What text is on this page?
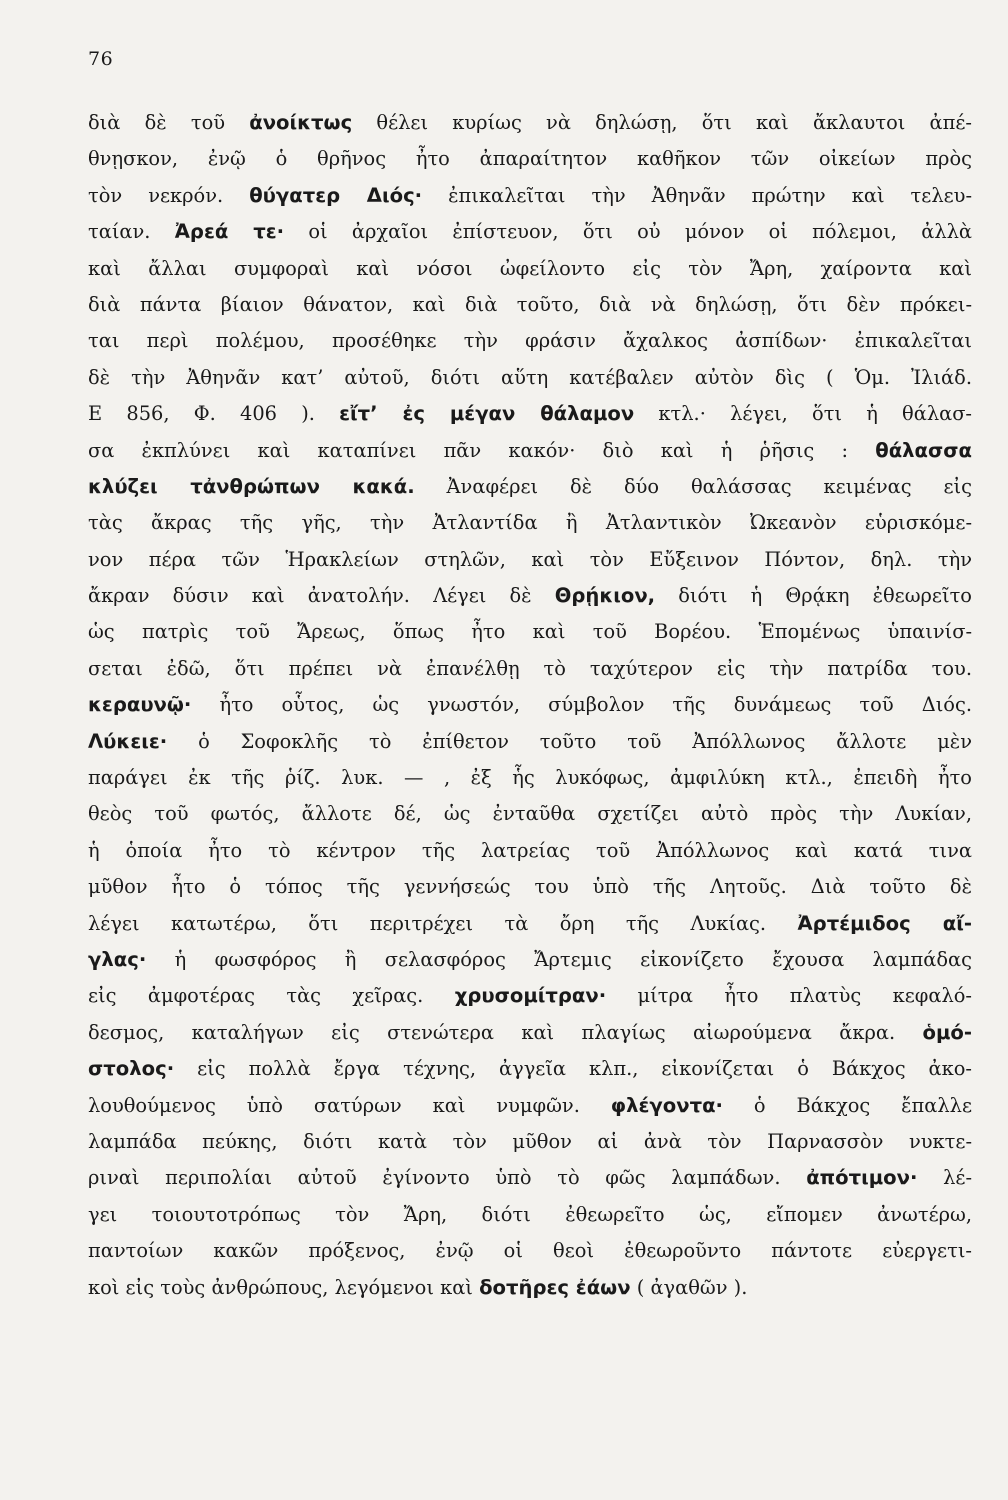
76
διὰ δὲ τοῦ ἀνοίκτως θέλει κυρίως νὰ δηλώσῃ, ὅτι καὶ ἄκλαυτοι ἀπέ-
θνῃσκον, ἐνῷ ὁ θρῆνος ἦτο ἀπαραίτητον καθῆκον τῶν οἰκείων πρὸς
τὸν νεκρόν. θύγατερ Διός· ἐπικαλεῖται τὴν Ἀθηνᾶν πρώτην καὶ τελευ-
ταίαν. Ἀρεά τε· οἱ ἀρχαῖοι ἐπίστευον, ὅτι οὐ μόνον οἱ πόλεμοι, ἀλλὰ
καὶ ἄλλαι συμφοραὶ καὶ νόσοι ὠφείλοντο εἰς τὸν Ἄρη, χαίροντα καὶ
διὰ πάντα βίαιον θάνατον, καὶ διὰ τοῦτο, διὰ νὰ δηλώσῃ, ὅτι δὲν πρόκει-
ται περὶ πολέμου, προσέθηκε τὴν φράσιν ἄχαλκος ἀσπίδων· ἐπικαλεῖται
δὲ τὴν Ἀθηνᾶν κατ’ αὐτοῦ, διότι αὕτη κατέβαλεν αὐτὸν δὶς ( Ὁμ. Ἰλιάδ.
Ε 856, Φ. 406 ). εἴτ’ ἐς μέγαν θάλαμον κτλ.· λέγει, ὅτι ἡ θάλασ-
σα ἐκπλύνει καὶ καταπίνει πᾶν κακόν· διὸ καὶ ἡ ῥῆσις : θάλασσα
κλύζει τἀνθρώπων κακά. Ἀναφέρει δὲ δύο θαλάσσας κειμένας εἰς
τὰς ἄκρας τῆς γῆς, τὴν Ἀτλαντίδα ἢ Ἀτλαντικὸν Ὠκεανὸν εὑρισκόμε-
νον πέρα τῶν Ἡρακλείων στηλῶν, καὶ τὸν Εὔξεινον Πόντον, δηλ. τὴν
ἄκραν δύσιν καὶ ἀνατολήν. Λέγει δὲ Θρῄκιον, διότι ἡ Θρᾴκη ἐθεωρεῖτο
ὡς πατρὶς τοῦ Ἄρεως, ὅπως ἦτο καὶ τοῦ Βορέου. Ἑπομένως ὑπαινίσ-
σεται ἐδῶ, ὅτι πρέπει νὰ ἐπανέλθῃ τὸ ταχύτερον εἰς τὴν πατρίδα του.
κεραυνῷ· ἦτο οὗτος, ὡς γνωστόν, σύμβολον τῆς δυνάμεως τοῦ Διός.
Λύκειε· ὁ Σοφοκλῆς τὸ ἐπίθετον τοῦτο τοῦ Ἀπόλλωνος ἄλλοτε μὲν
παράγει ἐκ τῆς ῥίζ. λυκ. — , ἐξ ἧς λυκόφως, ἀμφιλύκη κτλ., ἐπειδὴ ἦτο
θεὸς τοῦ φωτός, ἄλλοτε δέ, ὡς ἐνταῦθα σχετίζει αὐτὸ πρὸς τὴν Λυκίαν,
ἡ ὁποία ἦτο τὸ κέντρον τῆς λατρείας τοῦ Ἀπόλλωνος καὶ κατά τινα
μῦθον ἦτο ὁ τόπος τῆς γεννήσεώς του ὑπὸ τῆς Λητοῦς. Διὰ τοῦτο δὲ
λέγει κατωτέρω, ὅτι περιτρέχει τὰ ὄρη τῆς Λυκίας. Ἀρτέμιδος αἴ-
γλας· ἡ φωσφόρος ἢ σελασφόρος Ἄρτεμις εἰκονίζετο ἔχουσα λαμπάδας
εἰς ἀμφοτέρας τὰς χεῖρας. χρυσομίτραν· μίτρα ἦτο πλατὺς κεφαλό-
δεσμος, καταλήγων εἰς στενώτερα καὶ πλαγίως αἰωρούμενα ἄκρα. ὁμό-
στολος· εἰς πολλὰ ἔργα τέχνης, ἀγγεῖα κλπ., εἰκονίζεται ὁ Βάκχος ἀκο-
λουθούμενος ὑπὸ σατύρων καὶ νυμφῶν. φλέγοντα· ὁ Βάκχος ἔπαλλε
λαμπάδα πεύκης, διότι κατὰ τὸν μῦθον αἱ ἀνὰ τὸν Παρνασσὸν νυκτε-
ριναὶ περιπολίαι αὐτοῦ ἐγίνοντο ὑπὸ τὸ φῶς λαμπάδων. ἀπότιμον· λέ-
γει τοιουτοτρόπως τὸν Ἄρη, διότι ἐθεωρεῖτο ὡς, εἴπομεν ἀνωτέρω,
παντοίων κακῶν πρόξενος, ἐνῷ οἱ θεοὶ ἐθεωροῦντο πάντοτε εὐεργετι-
κοὶ εἰς τοὺς ἀνθρώπους, λεγόμενοι καὶ δοτῆρες ἐάων ( ἀγαθῶν ).
